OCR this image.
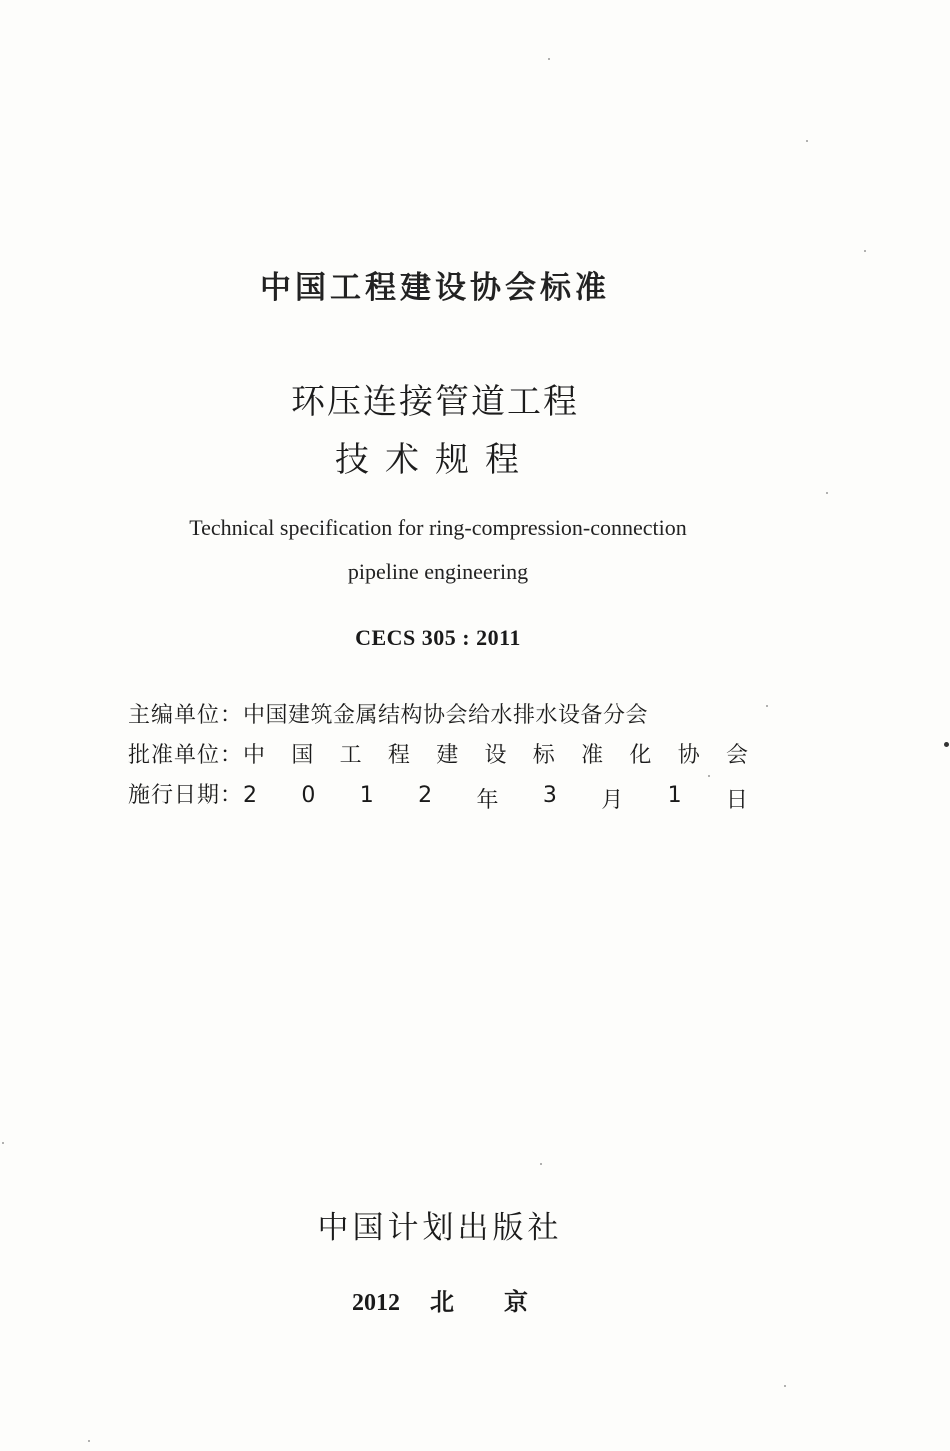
中国工程建设协会标准
环压连接管道工程
技术规程
Technical specification for ring-compression-connection
pipeline engineering
CECS 305 : 2011
主编单位： 中国建筑金属结构协会给水排水设备分会
批准单位： 中 国 工 程 建 设 标 准 化 协 会
施行日期： 2 0 1 2 年 3 月 1 日
中国计划出版社
2012 北 京
